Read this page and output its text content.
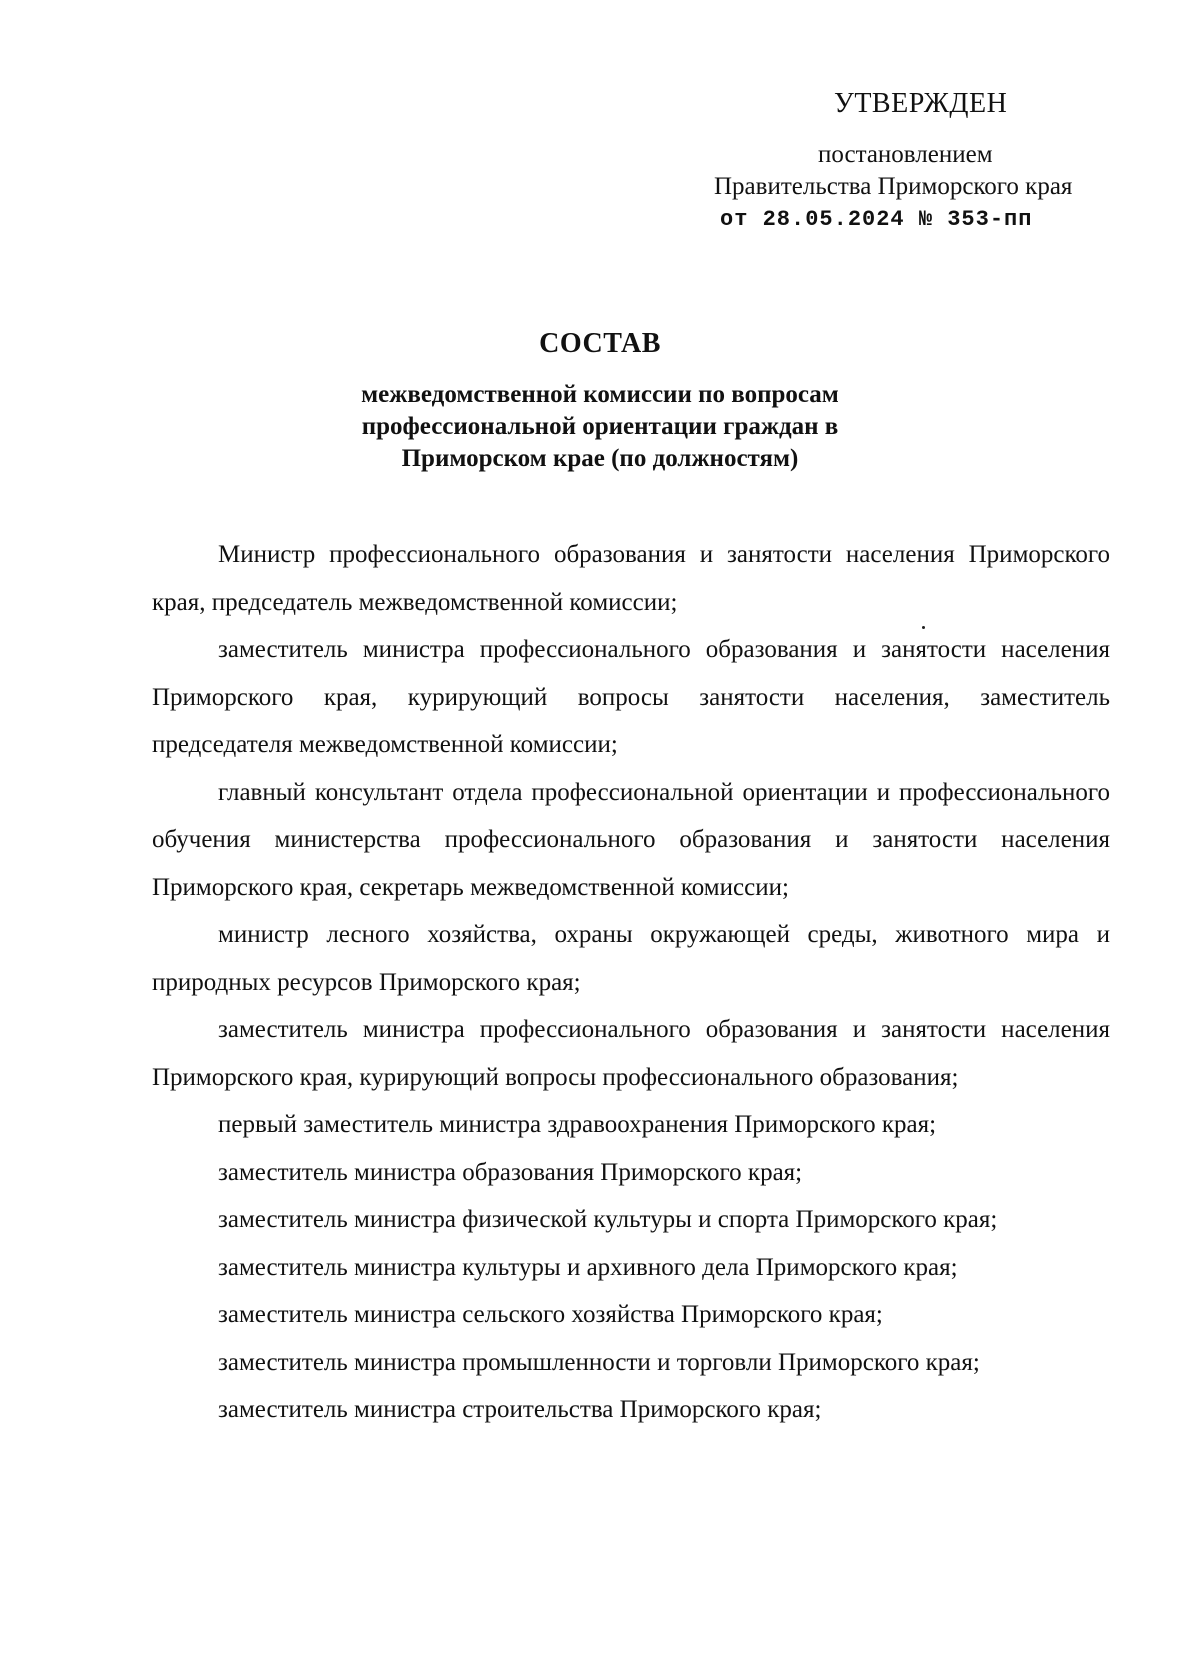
УТВЕРЖДЕН
постановлением
Правительства Приморского края
от 28.05.2024 № 353-пп
СОСТАВ
межведомственной комиссии по вопросам профессиональной ориентации граждан в Приморском крае (по должностям)

Министр профессионального образования и занятости населения Приморского края, председатель межведомственной комиссии;

заместитель министра профессионального образования и занятости населения Приморского края, курирующий вопросы занятости населения, заместитель председателя межведомственной комиссии;

главный консультант отдела профессиональной ориентации и профессионального обучения министерства профессионального образования и занятости населения Приморского края, секретарь межведомственной комиссии;

министр лесного хозяйства, охраны окружающей среды, животного мира и природных ресурсов Приморского края;

заместитель министра профессионального образования и занятости населения Приморского края, курирующий вопросы профессионального образования;

первый заместитель министра здравоохранения Приморского края;

заместитель министра образования Приморского края;

заместитель министра физической культуры и спорта Приморского края;

заместитель министра культуры и архивного дела Приморского края;

заместитель министра сельского хозяйства Приморского края;

заместитель министра промышленности и торговли Приморского края;

заместитель министра строительства Приморского края;
